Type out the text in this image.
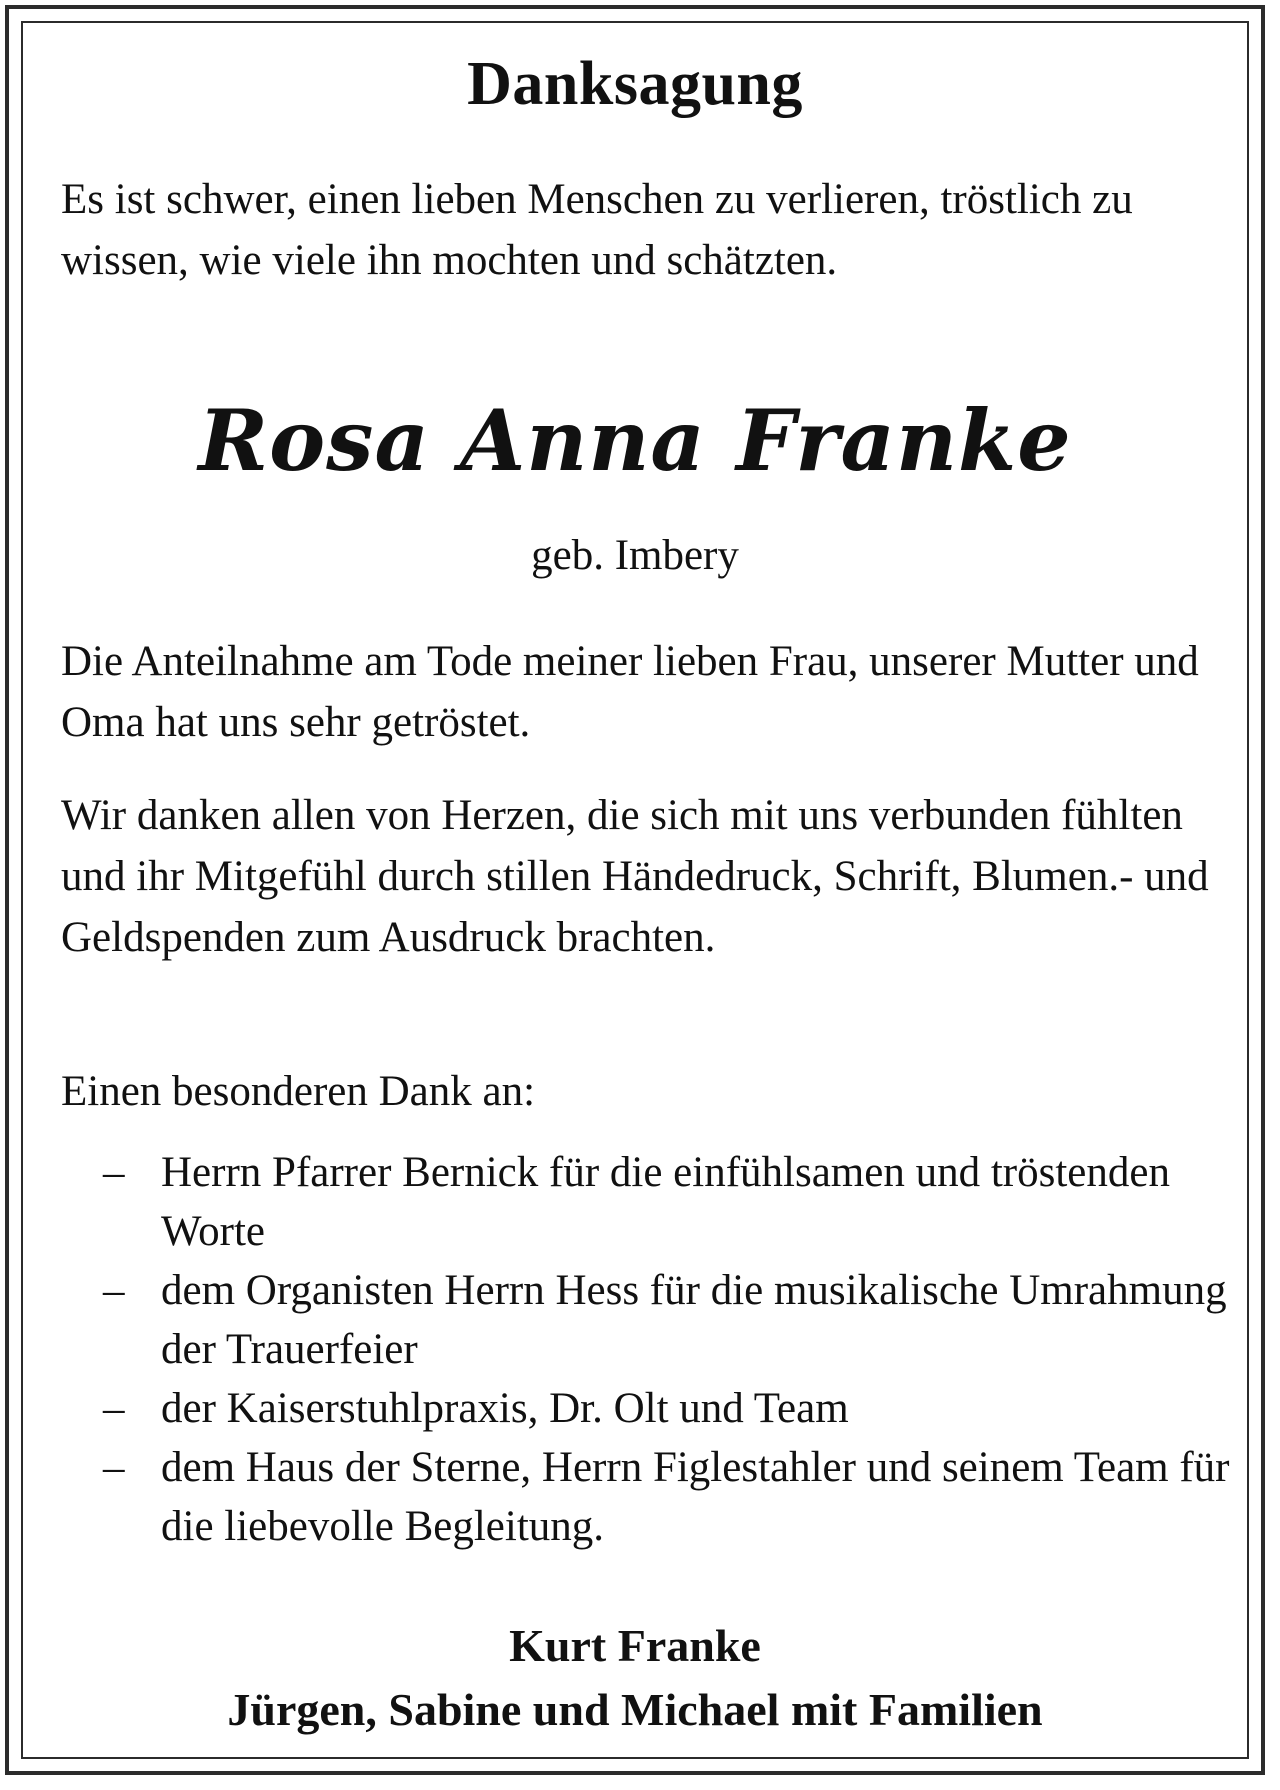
Danksagung

Es ist schwer, einen lieben Menschen zu verlieren, tröstlich zu wissen, wie viele ihn mochten und schätzten.

Rosa Anna Franke
geb. Imbery

Die Anteilnahme am Tode meiner lieben Frau, unserer Mutter und Oma hat uns sehr getröstet.

Wir danken allen von Herzen, die sich mit uns verbunden fühlten und ihr Mitgefühl durch stillen Händedruck, Schrift, Blumen.- und Geldspenden zum Ausdruck brachten.

Einen besonderen Dank an:

– Herrn Pfarrer Bernick für die einfühlsamen und tröstenden Worte
– dem Organisten Herrn Hess für die musikalische Umrahmung der Trauerfeier
– der Kaiserstuhlpraxis, Dr. Olt und Team
– dem Haus der Sterne, Herrn Figlestahler und seinem Team für die liebevolle Begleitung.
Kurt Franke
Jürgen, Sabine und Michael mit Familien
